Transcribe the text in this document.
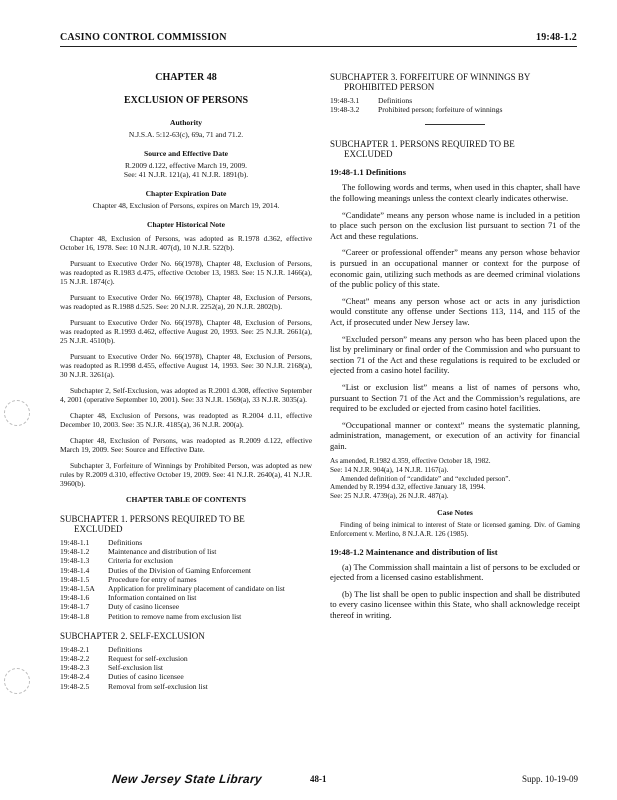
CASINO CONTROL COMMISSION	19:48-1.2

CHAPTER 48

EXCLUSION OF PERSONS

Authority

N.J.S.A. 5:12-63(c), 69a, 71 and 71.2.

Source and Effective Date

R.2009 d.122, effective March 19, 2009.

See: 41 N.J.R. 121(a), 41 N.J.R. 1891(b).

Chapter Expiration Date

Chapter 48, Exclusion of Persons, expires on March 19, 2014.

Chapter Historical Note

Chapter 48, Exclusion of Persons, was adopted as R.1978 d.362, effective October 16, 1978. See: 10 N.J.R. 407(d), 10 N.J.R. 522(b).

Pursuant to Executive Order No. 66(1978), Chapter 48, Exclusion of Persons, was readopted as R.1983 d.475, effective October 13, 1983. See: 15 N.J.R. 1466(a), 15 N.J.R. 1874(c).

Pursuant to Executive Order No. 66(1978), Chapter 48, Exclusion of Persons, was readopted as R.1988 d.525. See: 20 N.J.R. 2252(a), 20 N.J.R. 2802(b).

Pursuant to Executive Order No. 66(1978), Chapter 48, Exclusion of Persons, was readopted as R.1993 d.462, effective August 20, 1993. See: 25 N.J.R. 2661(a), 25 N.J.R. 4510(b).

Pursuant to Executive Order No. 66(1978), Chapter 48, Exclusion of Persons, was readopted as R.1998 d.455, effective August 14, 1993. See: 30 N.J.R. 2168(a), 30 N.J.R. 3261(a).

Subchapter 2, Self-Exclusion, was adopted as R.2001 d.308, effective September 4, 2001 (operative September 10, 2001). See: 33 N.J.R. 1569(a), 33 N.J.R. 3035(a).

Chapter 48, Exclusion of Persons, was readopted as R.2004 d.11, effective December 10, 2003. See: 35 N.J.R. 4185(a), 36 N.J.R. 200(a).

Chapter 48, Exclusion of Persons, was readopted as R.2009 d.122, effective March 19, 2009. See: Source and Effective Date.

Subchapter 3, Forfeiture of Winnings by Prohibited Person, was adopted as new rules by R.2009 d.310, effective October 19, 2009. See: 41 N.J.R. 2640(a), 41 N.J.R. 3960(b).

CHAPTER TABLE OF CONTENTS

SUBCHAPTER 1. PERSONS REQUIRED TO BE
EXCLUDED

19:48-1.1	Definitions
19:48-1.2	Maintenance and distribution of list
19:48-1.3	Criteria for exclusion
19:48-1.4	Duties of the Division of Gaming Enforcement
19:48-1.5	Procedure for entry of names
19:48-1.5A	Application for preliminary placement of candidate on list
19:48-1.6	Information contained on list
19:48-1.7	Duty of casino licensee
19:48-1.8	Petition to remove name from exclusion list

SUBCHAPTER 2. SELF-EXCLUSION

19:48-2.1	Definitions
19:48-2.2	Request for self-exclusion
19:48-2.3	Self-exclusion list
19:48-2.4	Duties of casino licensee
19:48-2.5	Removal from self-exclusion list

SUBCHAPTER 3. FORFEITURE OF WINNINGS BY
PROHIBITED PERSON

19:48-3.1	Definitions
19:48-3.2	Prohibited person; forfeiture of winnings

SUBCHAPTER 1. PERSONS REQUIRED TO BE
EXCLUDED

19:48-1.1 Definitions

The following words and terms, when used in this chapter, shall have the following meanings unless the context clearly indicates otherwise.

“Candidate” means any person whose name is included in a petition to place such person on the exclusion list pursuant to section 71 of the Act and these regulations.

“Career or professional offender” means any person whose behavior is pursued in an occupational manner or context for the purpose of economic gain, utilizing such methods as are deemed criminal violations of the public policy of this state.

“Cheat” means any person whose act or acts in any jurisdiction would constitute any offense under Sections 113, 114, and 115 of the Act, if prosecuted under New Jersey law.

“Excluded person” means any person who has been placed upon the list by preliminary or final order of the Commission and who pursuant to section 71 of the Act and these regulations is required to be excluded or ejected from a casino hotel facility.

“List or exclusion list” means a list of names of persons who, pursuant to Section 71 of the Act and the Commission’s regulations, are required to be excluded or ejected from casino hotel facilities.

“Occupational manner or context” means the systematic planning, administration, management, or execution of an activity for financial gain.

As amended, R.1982 d.359, effective October 18, 1982.

See: 14 N.J.R. 904(a), 14 N.J.R. 1167(a).

Amended definition of “candidate” and “excluded person”.

Amended by R.1994 d.32, effective January 18, 1994.

See: 25 N.J.R. 4739(a), 26 N.J.R. 487(a).

Case Notes

Finding of being inimical to interest of State or licensed gaming. Div. of Gaming Enforcement v. Merlino, 8 N.J.A.R. 126 (1985).

19:48-1.2 Maintenance and distribution of list

(a) The Commission shall maintain a list of persons to be excluded or ejected from a licensed casino establishment.

(b) The list shall be open to public inspection and shall be distributed to every casino licensee within this State, who shall acknowledge receipt thereof in writing.

New Jersey State Library	48-1	Supp. 10-19-09
